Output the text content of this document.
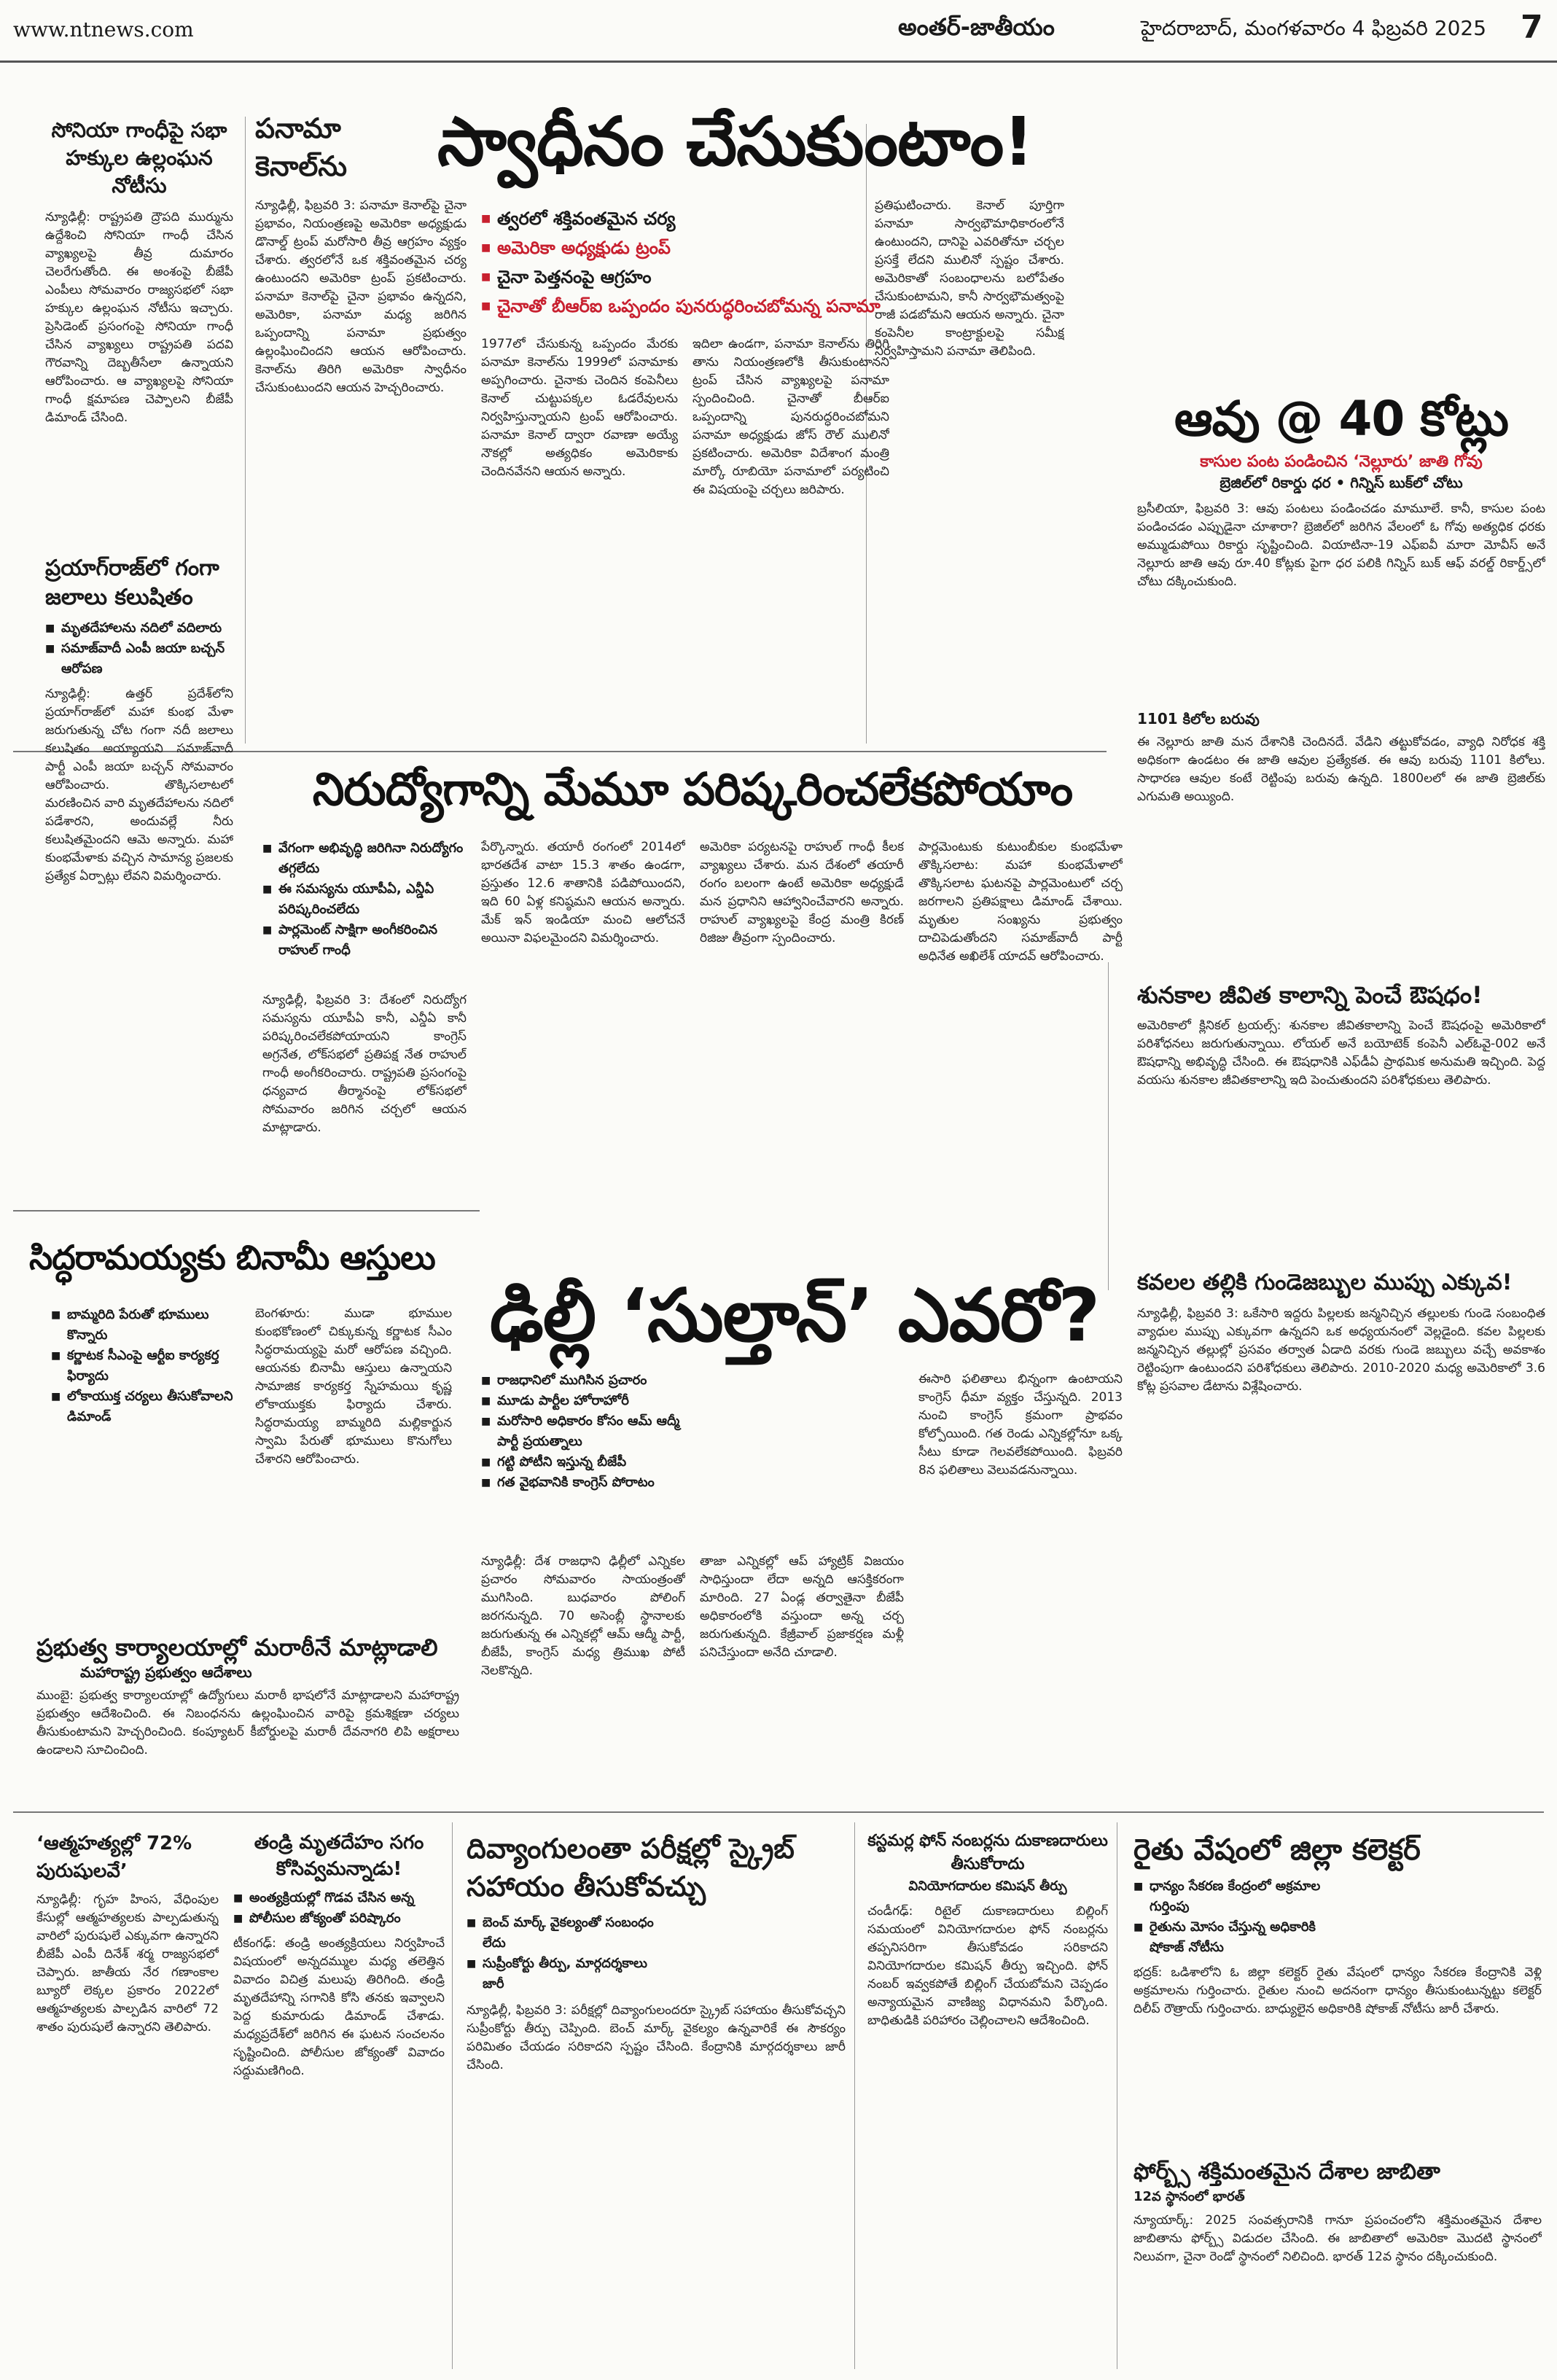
www.ntnews.com	అంతర్-జాతీయం	హైదరాబాద్, మంగళవారం 4 ఫిబ్రవరి 2025 7
సోనియా గాంధీపై సభా హక్కుల ఉల్లంఘన నోటీసు
న్యూఢిల్లీ: రాష్ట్రపతి ద్రౌపది ముర్మును ఉద్దేశించి సోనియా గాంధీ చేసిన వ్యాఖ్యలపై తీవ్ర దుమారం చెలరేగుతోంది. ఈ అంశంపై బీజేపీ ఎంపీలు సోమవారం రాజ్యసభలో సభా హక్కుల ఉల్లంఘన నోటీసు ఇచ్చారు. ప్రెసిడెంట్ ప్రసంగంపై సోనియా గాంధీ చేసిన వ్యాఖ్యలు రాష్ట్రపతి పదవి గౌరవాన్ని దెబ్బతీసేలా ఉన్నాయని ఆరోపించారు. ఆ వ్యాఖ్యలపై సోనియా గాంధీ క్షమాపణ చెప్పాలని బీజేపీ డిమాండ్ చేసింది.
ప్రయాగ్‌రాజ్‌లో గంగా జలాలు కలుషితం
■ మృతదేహాలను నదిలో వదిలారు
■ సమాజ్‌వాదీ ఎంపీ జయా బచ్చన్ ఆరోపణ
న్యూఢిల్లీ: ఉత్తర్ ప్రదేశ్‌లోని ప్రయాగ్‌రాజ్‌లో మహా కుంభ మేళా జరుగుతున్న చోట గంగా నదీ జలాలు కలుషితం అయ్యాయని సమాజ్‌వాదీ పార్టీ ఎంపీ జయా బచ్చన్ సోమవారం ఆరోపించారు. తొక్కిసలాటలో మరణించిన వారి మృతదేహాలను నదిలో పడేశారని, అందువల్లే నీరు కలుషితమైందని ఆమె అన్నారు. మహా కుంభమేళాకు వచ్చిన సామాన్య ప్రజలకు ప్రత్యేక ఏర్పాట్లు లేవని విమర్శించారు.
పనామా కెనాల్‌ను	స్వాధీనం చేసుకుంటాం!
■ త్వరలో శక్తివంతమైన చర్య
■ అమెరికా అధ్యక్షుడు ట్రంప్
■ చైనా పెత్తనంపై ఆగ్రహం
■ చైనాతో బీఆర్ఐ ఒప్పందం పునరుద్ధరించబోమన్న పనామా
న్యూఢిల్లీ, ఫిబ్రవరి 3: పనామా కెనాల్‌పై చైనా ప్రభావం, నియంత్రణపై అమెరికా అధ్యక్షుడు డొనాల్డ్ ట్రంప్ మరోసారి తీవ్ర ఆగ్రహం వ్యక్తం చేశారు. త్వరలోనే ఒక శక్తివంతమైన చర్య ఉంటుందని అమెరికా ట్రంప్ ప్రకటించారు. పనామా కెనాల్‌పై చైనా ప్రభావం ఉన్నదని, అమెరికా, పనామా మధ్య జరిగిన ఒప్పందాన్ని పనామా ప్రభుత్వం ఉల్లంఘించిందని ఆయన ఆరోపించారు. కెనాల్‌ను తిరిగి అమెరికా స్వాధీనం చేసుకుంటుందని ఆయన హెచ్చరించారు.
1977లో చేసుకున్న ఒప్పందం మేరకు పనామా కెనాల్‌ను 1999లో పనామాకు అప్పగించారు. చైనాకు చెందిన కంపెనీలు కెనాల్ చుట్టుపక్కల ఓడరేవులను నిర్వహిస్తున్నాయని ట్రంప్ ఆరోపించారు. పనామా కెనాల్ ద్వారా రవాణా అయ్యే నౌకల్లో అత్యధికం అమెరికాకు చెందినవేనని ఆయన అన్నారు.
ఇదిలా ఉండగా, పనామా కెనాల్‌ను తిరిగి తాను నియంత్రణలోకి తీసుకుంటానని ట్రంప్ చేసిన వ్యాఖ్యలపై పనామా స్పందించింది. చైనాతో బీఆర్ఐ ఒప్పందాన్ని పునరుద్ధరించబోమని పనామా అధ్యక్షుడు జోస్ రౌల్ ములినో ప్రకటించారు. అమెరికా విదేశాంగ మంత్రి మార్కో రూబియో పనామాలో పర్యటించి ఈ విషయంపై చర్చలు జరిపారు.
ప్రతిఘటించారు. కెనాల్ పూర్తిగా పనామా సార్వభౌమాధికారంలోనే ఉంటుందని, దానిపై ఎవరితోనూ చర్చల ప్రసక్తే లేదని ములినో స్పష్టం చేశారు. అమెరికాతో సంబంధాలను బలోపేతం చేసుకుంటామని, కానీ సార్వభౌమత్వంపై రాజీ పడబోమని ఆయన అన్నారు. చైనా కంపెనీల కాంట్రాక్టులపై సమీక్ష నిర్వహిస్తామని పనామా తెలిపింది.
ఆవు @ 40 కోట్లు
కాసుల పంట పండించిన ‘నెల్లూరు’ జాతి గోవు
బ్రెజిల్‌లో రికార్డు ధర • గిన్నిస్ బుక్‌లో చోటు
బ్రసీలియా, ఫిబ్రవరి 3: ఆవు పంటలు పండించడం మామూలే. కానీ, కాసుల పంట పండించడం ఎప్పుడైనా చూశారా? బ్రెజిల్‌లో జరిగిన వేలంలో ఓ గోవు అత్యధిక ధరకు అమ్ముడుపోయి రికార్డు సృష్టించింది. వియాటినా-19 ఎఫ్‌ఐవీ మారా మోవీస్ అనే నెల్లూరు జాతి ఆవు రూ.40 కోట్లకు పైగా ధర పలికి గిన్నిస్ బుక్ ఆఫ్ వరల్డ్ రికార్డ్స్‌లో చోటు దక్కించుకుంది.
1101 కిలోల బరువు
ఈ నెల్లూరు జాతి మన దేశానికి చెందినదే. వేడిని తట్టుకోవడం, వ్యాధి నిరోధక శక్తి అధికంగా ఉండటం ఈ జాతి ఆవుల ప్రత్యేకత. ఈ ఆవు బరువు 1101 కిలోలు. సాధారణ ఆవుల కంటే రెట్టింపు బరువు ఉన్నది. 1800లలో ఈ జాతి బ్రెజిల్‌కు ఎగుమతి అయ్యింది.
శునకాల జీవిత కాలాన్ని పెంచే ఔషధం!
అమెరికాలో క్లినికల్ ట్రయల్స్: శునకాల జీవితకాలాన్ని పెంచే ఔషధంపై అమెరికాలో పరిశోధనలు జరుగుతున్నాయి. లోయల్ అనే బయోటెక్ కంపెనీ ఎల్‌ఓవై-002 అనే ఔషధాన్ని అభివృద్ధి చేసింది. ఈ ఔషధానికి ఎఫ్‌డీఏ ప్రాథమిక అనుమతి ఇచ్చింది. పెద్ద వయసు శునకాల జీవితకాలాన్ని ఇది పెంచుతుందని పరిశోధకులు తెలిపారు.
కవలల తల్లికి గుండెజబ్బుల ముప్పు ఎక్కువ!
న్యూఢిల్లీ, ఫిబ్రవరి 3: ఒకేసారి ఇద్దరు పిల్లలకు జన్మనిచ్చిన తల్లులకు గుండె సంబంధిత వ్యాధుల ముప్పు ఎక్కువగా ఉన్నదని ఒక అధ్యయనంలో వెల్లడైంది. కవల పిల్లలకు జన్మనిచ్చిన తల్లుల్లో ప్రసవం తర్వాత ఏడాది వరకు గుండె జబ్బులు వచ్చే అవకాశం రెట్టింపుగా ఉంటుందని పరిశోధకులు తెలిపారు. 2010-2020 మధ్య అమెరికాలో 3.6 కోట్ల ప్రసవాల డేటాను విశ్లేషించారు.
నిరుద్యోగాన్ని మేమూ పరిష్కరించలేకపోయాం
■ వేగంగా అభివృద్ధి జరిగినా నిరుద్యోగం తగ్గలేదు
■ ఈ సమస్యను యూపీఏ, ఎన్డీఏ పరిష్కరించలేదు
■ పార్లమెంట్ సాక్షిగా అంగీకరించిన రాహుల్ గాంధీ
న్యూఢిల్లీ, ఫిబ్రవరి 3: దేశంలో నిరుద్యోగ సమస్యను యూపీఏ కానీ, ఎన్డీఏ కానీ పరిష్కరించలేకపోయాయని కాంగ్రెస్ అగ్రనేత, లోక్‌సభలో ప్రతిపక్ష నేత రాహుల్ గాంధీ అంగీకరించారు. రాష్ట్రపతి ప్రసంగంపై ధన్యవాద తీర్మానంపై లోక్‌సభలో సోమవారం జరిగిన చర్చలో ఆయన మాట్లాడారు.
పేర్కొన్నారు. తయారీ రంగంలో 2014లో భారతదేశ వాటా 15.3 శాతం ఉండగా, ప్రస్తుతం 12.6 శాతానికి పడిపోయిందని, ఇది 60 ఏళ్ల కనిష్ఠమని ఆయన అన్నారు. మేక్ ఇన్ ఇండియా మంచి ఆలోచనే అయినా విఫలమైందని విమర్శించారు.
అమెరికా పర్యటనపై రాహుల్ గాంధీ కీలక వ్యాఖ్యలు చేశారు. మన దేశంలో తయారీ రంగం బలంగా ఉంటే అమెరికా అధ్యక్షుడే మన ప్రధానిని ఆహ్వానించేవారని అన్నారు. రాహుల్ వ్యాఖ్యలపై కేంద్ర మంత్రి కిరణ్ రిజిజు తీవ్రంగా స్పందించారు.
పార్లమెంటుకు కుటుంబీకుల కుంభమేళా తొక్కిసలాట: మహా కుంభమేళాలో తొక్కిసలాట ఘటనపై పార్లమెంటులో చర్చ జరగాలని ప్రతిపక్షాలు డిమాండ్ చేశాయి. మృతుల సంఖ్యను ప్రభుత్వం దాచిపెడుతోందని సమాజ్‌వాదీ పార్టీ అధినేత అఖిలేశ్ యాదవ్ ఆరోపించారు.
సిద్ధరామయ్యకు బినామీ ఆస్తులు
■ బామ్మరిది పేరుతో భూములు కొన్నారు
■ కర్ణాటక సీఎంపై ఆర్టీఐ కార్యకర్త ఫిర్యాదు
■ లోకాయుక్త చర్యలు తీసుకోవాలని డిమాండ్
బెంగళూరు: ముడా భూముల కుంభకోణంలో చిక్కుకున్న కర్ణాటక సీఎం సిద్ధరామయ్యపై మరో ఆరోపణ వచ్చింది. ఆయనకు బినామీ ఆస్తులు ఉన్నాయని సామాజిక కార్యకర్త స్నేహమయి కృష్ణ లోకాయుక్తకు ఫిర్యాదు చేశారు. సిద్ధరామయ్య బామ్మరిది మల్లికార్జున స్వామి పేరుతో భూములు కొనుగోలు చేశారని ఆరోపించారు.
ప్రభుత్వ కార్యాలయాల్లో మరాఠీనే మాట్లాడాలి
మహారాష్ట్ర ప్రభుత్వం ఆదేశాలు
ముంబై: ప్రభుత్వ కార్యాలయాల్లో ఉద్యోగులు మరాఠీ భాషలోనే మాట్లాడాలని మహారాష్ట్ర ప్రభుత్వం ఆదేశించింది. ఈ నిబంధనను ఉల్లంఘించిన వారిపై క్రమశిక్షణా చర్యలు తీసుకుంటామని హెచ్చరించింది. కంప్యూటర్ కీబోర్డులపై మరాఠీ దేవనాగరి లిపి అక్షరాలు ఉండాలని సూచించింది.
ఢిల్లీ ‘సుల్తాన్’ ఎవరో?
■ రాజధానిలో ముగిసిన ప్రచారం
■ మూడు పార్టీల హోరాహోరీ
■ మరోసారి అధికారం కోసం ఆమ్ ఆద్మీ పార్టీ ప్రయత్నాలు
■ గట్టి పోటీని ఇస్తున్న బీజేపీ
■ గత వైభవానికి కాంగ్రెస్ పోరాటం
న్యూఢిల్లీ: దేశ రాజధాని ఢిల్లీలో ఎన్నికల ప్రచారం సోమవారం సాయంత్రంతో ముగిసింది. బుధవారం పోలింగ్ జరగనున్నది. 70 అసెంబ్లీ స్థానాలకు జరుగుతున్న ఈ ఎన్నికల్లో ఆమ్ ఆద్మీ పార్టీ, బీజేపీ, కాంగ్రెస్ మధ్య త్రిముఖ పోటీ నెలకొన్నది.
తాజా ఎన్నికల్లో ఆప్ హ్యాట్రిక్ విజయం సాధిస్తుందా లేదా అన్నది ఆసక్తికరంగా మారింది. 27 ఏండ్ల తర్వాతైనా బీజేపీ అధికారంలోకి వస్తుందా అన్న చర్చ జరుగుతున్నది. కేజ్రీవాల్ ప్రజాకర్షణ మళ్లీ పనిచేస్తుందా అనేది చూడాలి.
ఈసారి ఫలితాలు భిన్నంగా ఉంటాయని కాంగ్రెస్ ధీమా వ్యక్తం చేస్తున్నది. 2013 నుంచి కాంగ్రెస్ క్రమంగా ప్రాభవం కోల్పోయింది. గత రెండు ఎన్నికల్లోనూ ఒక్క సీటు కూడా గెలవలేకపోయింది. ఫిబ్రవరి 8న ఫలితాలు వెలువడనున్నాయి.
‘ఆత్మహత్యల్లో 72% పురుషులవే’
న్యూఢిల్లీ: గృహ హింస, వేధింపుల కేసుల్లో ఆత్మహత్యలకు పాల్పడుతున్న వారిలో పురుషులే ఎక్కువగా ఉన్నారని బీజేపీ ఎంపీ దినేశ్ శర్మ రాజ్యసభలో చెప్పారు. జాతీయ నేర గణాంకాల బ్యూరో లెక్కల ప్రకారం 2022లో ఆత్మహత్యలకు పాల్పడిన వారిలో 72 శాతం పురుషులే ఉన్నారని తెలిపారు.
తండ్రి మృతదేహం సగం కోసివ్వమన్నాడు!
■ అంత్యక్రియల్లో గొడవ చేసిన అన్న
■ పోలీసుల జోక్యంతో పరిష్కారం
టీకంగఢ్: తండ్రి అంత్యక్రియలు నిర్వహించే విషయంలో అన్నదమ్ముల మధ్య తలెత్తిన వివాదం విచిత్ర మలుపు తిరిగింది. తండ్రి మృతదేహాన్ని సగానికి కోసి తనకు ఇవ్వాలని పెద్ద కుమారుడు డిమాండ్ చేశాడు. మధ్యప్రదేశ్‌లో జరిగిన ఈ ఘటన సంచలనం సృష్టించింది. పోలీసుల జోక్యంతో వివాదం సద్దుమణిగింది.
దివ్యాంగులంతా పరీక్షల్లో స్క్రైబ్ సహాయం తీసుకోవచ్చు
■ బెంచ్ మార్క్ వైకల్యంతో సంబంధం లేదు
■ సుప్రీంకోర్టు తీర్పు, మార్గదర్శకాలు జారీ
న్యూఢిల్లీ, ఫిబ్రవరి 3: పరీక్షల్లో దివ్యాంగులందరూ స్క్రైబ్ సహాయం తీసుకోవచ్చని సుప్రీంకోర్టు తీర్పు చెప్పింది. బెంచ్ మార్క్ వైకల్యం ఉన్నవారికే ఈ సౌకర్యం పరిమితం చేయడం సరికాదని స్పష్టం చేసింది. కేంద్రానికి మార్గదర్శకాలు జారీ చేసింది.
కస్టమర్ల ఫోన్ నంబర్లను దుకాణదారులు తీసుకోరాదు
వినియోగదారుల కమిషన్ తీర్పు
చండీగఢ్: రిటైల్ దుకాణదారులు బిల్లింగ్ సమయంలో వినియోగదారుల ఫోన్ నంబర్లను తప్పనిసరిగా తీసుకోవడం సరికాదని వినియోగదారుల కమిషన్ తీర్పు ఇచ్చింది. ఫోన్ నంబర్ ఇవ్వకపోతే బిల్లింగ్ చేయబోమని చెప్పడం అన్యాయమైన వాణిజ్య విధానమని పేర్కొంది. బాధితుడికి పరిహారం చెల్లించాలని ఆదేశించింది.
రైతు వేషంలో జిల్లా కలెక్టర్
■ ధాన్యం సేకరణ కేంద్రంలో అక్రమాల గుర్తింపు
■ రైతును మోసం చేస్తున్న అధికారికి షోకాజ్ నోటీసు
భద్రక్: ఒడిశాలోని ఓ జిల్లా కలెక్టర్ రైతు వేషంలో ధాన్యం సేకరణ కేంద్రానికి వెళ్లి అక్రమాలను గుర్తించారు. రైతుల నుంచి అదనంగా ధాన్యం తీసుకుంటున్నట్టు కలెక్టర్ దిలీప్ రౌత్రాయ్ గుర్తించారు. బాధ్యులైన అధికారికి షోకాజ్ నోటీసు జారీ చేశారు.
ఫోర్బ్స్ శక్తిమంతమైన దేశాల జాబితా
12వ స్థానంలో భారత్
న్యూయార్క్: 2025 సంవత్సరానికి గానూ ప్రపంచంలోని శక్తిమంతమైన దేశాల జాబితాను ఫోర్బ్స్ విడుదల చేసింది. ఈ జాబితాలో అమెరికా మొదటి స్థానంలో నిలువగా, చైనా రెండో స్థానంలో నిలిచింది. భారత్ 12వ స్థానం దక్కించుకుంది.
